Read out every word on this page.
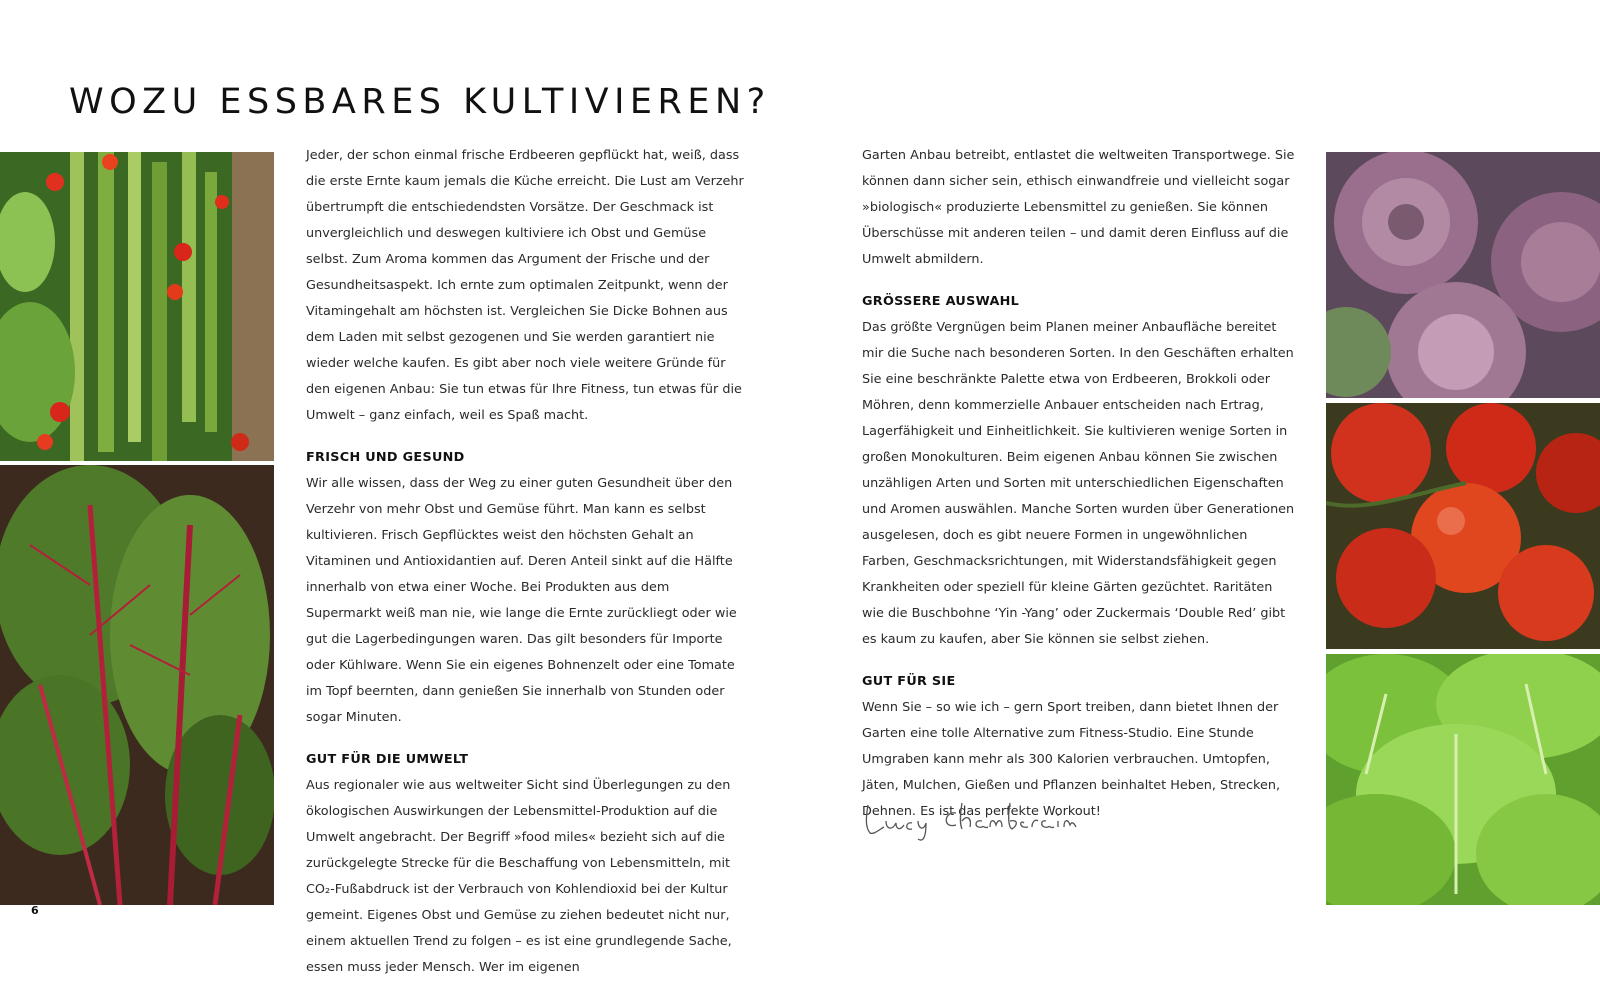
WOZU ESSBARES KULTIVIEREN?

Jeder, der schon einmal frische Erdbeeren gepflückt hat, weiß, dass die erste Ernte kaum jemals die Küche erreicht. Die Lust am Verzehr übertrumpft die entschiedendsten Vorsätze. Der Geschmack ist unvergleichlich und deswegen kultiviere ich Obst und Gemüse selbst. Zum Aroma kommen das Argument der Frische und der Gesundheitsaspekt. Ich ernte zum optimalen Zeitpunkt, wenn der Vitamingehalt am höchsten ist. Vergleichen Sie Dicke Bohnen aus dem Laden mit selbst gezogenen und Sie werden garantiert nie wieder welche kaufen. Es gibt aber noch viele weitere Gründe für den eigenen Anbau: Sie tun etwas für Ihre Fitness, tun etwas für die Umwelt – ganz einfach, weil es Spaß macht.

FRISCH UND GESUND

Wir alle wissen, dass der Weg zu einer guten Gesundheit über den Verzehr von mehr Obst und Gemüse führt. Man kann es selbst kultivieren. Frisch Gepflücktes weist den höchsten Gehalt an Vitaminen und Antioxidantien auf. Deren Anteil sinkt auf die Hälfte innerhalb von etwa einer Woche. Bei Produkten aus dem Supermarkt weiß man nie, wie lange die Ernte zurückliegt oder wie gut die Lagerbedingungen waren. Das gilt besonders für Importe oder Kühlware. Wenn Sie ein eigenes Bohnenzelt oder eine Tomate im Topf beernten, dann genießen Sie innerhalb von Stunden oder sogar Minuten.

GUT FÜR DIE UMWELT

Aus regionaler wie aus weltweiter Sicht sind Überlegungen zu den ökologischen Auswirkungen der Lebensmittel-Produktion auf die Umwelt angebracht. Der Begriff »food miles« bezieht sich auf die zurückgelegte Strecke für die Beschaffung von Lebensmitteln, mit CO₂-Fußabdruck ist der Verbrauch von Kohlendioxid bei der Kultur gemeint. Eigenes Obst und Gemüse zu ziehen bedeutet nicht nur, einem aktuellen Trend zu folgen – es ist eine grundlegende Sache, essen muss jeder Mensch. Wer im eigenen

Garten Anbau betreibt, entlastet die weltweiten Transportwege. Sie können dann sicher sein, ethisch einwandfreie und vielleicht sogar »biologisch« produzierte Lebensmittel zu genießen. Sie können Überschüsse mit anderen teilen – und damit deren Einfluss auf die Umwelt abmildern.

GRÖSSERE AUSWAHL

Das größte Vergnügen beim Planen meiner Anbaufläche bereitet mir die Suche nach besonderen Sorten. In den Geschäften erhalten Sie eine beschränkte Palette etwa von Erdbeeren, Brokkoli oder Möhren, denn kommerzielle Anbauer entscheiden nach Ertrag, Lagerfähigkeit und Einheitlichkeit. Sie kultivieren wenige Sorten in großen Monokulturen. Beim eigenen Anbau können Sie zwischen unzähligen Arten und Sorten mit unterschiedlichen Eigenschaften und Aromen auswählen. Manche Sorten wurden über Generationen ausgelesen, doch es gibt neuere Formen in ungewöhnlichen Farben, Geschmacksrichtungen, mit Widerstandsfähigkeit gegen Krankheiten oder speziell für kleine Gärten gezüchtet. Raritäten wie die Buschbohne ‘Yin -Yang’ oder Zuckermais ‘Double Red’ gibt es kaum zu kaufen, aber Sie können sie selbst ziehen.

GUT FÜR SIE

Wenn Sie – so wie ich – gern Sport treiben, dann bietet Ihnen der Garten eine tolle Alternative zum Fitness-Studio. Eine Stunde Umgraben kann mehr als 300 Kalorien verbrauchen. Umtopfen, Jäten, Mulchen, Gießen und Pflanzen beinhaltet Heben, Strecken, Dehnen. Es ist das perfekte Workout!

6
